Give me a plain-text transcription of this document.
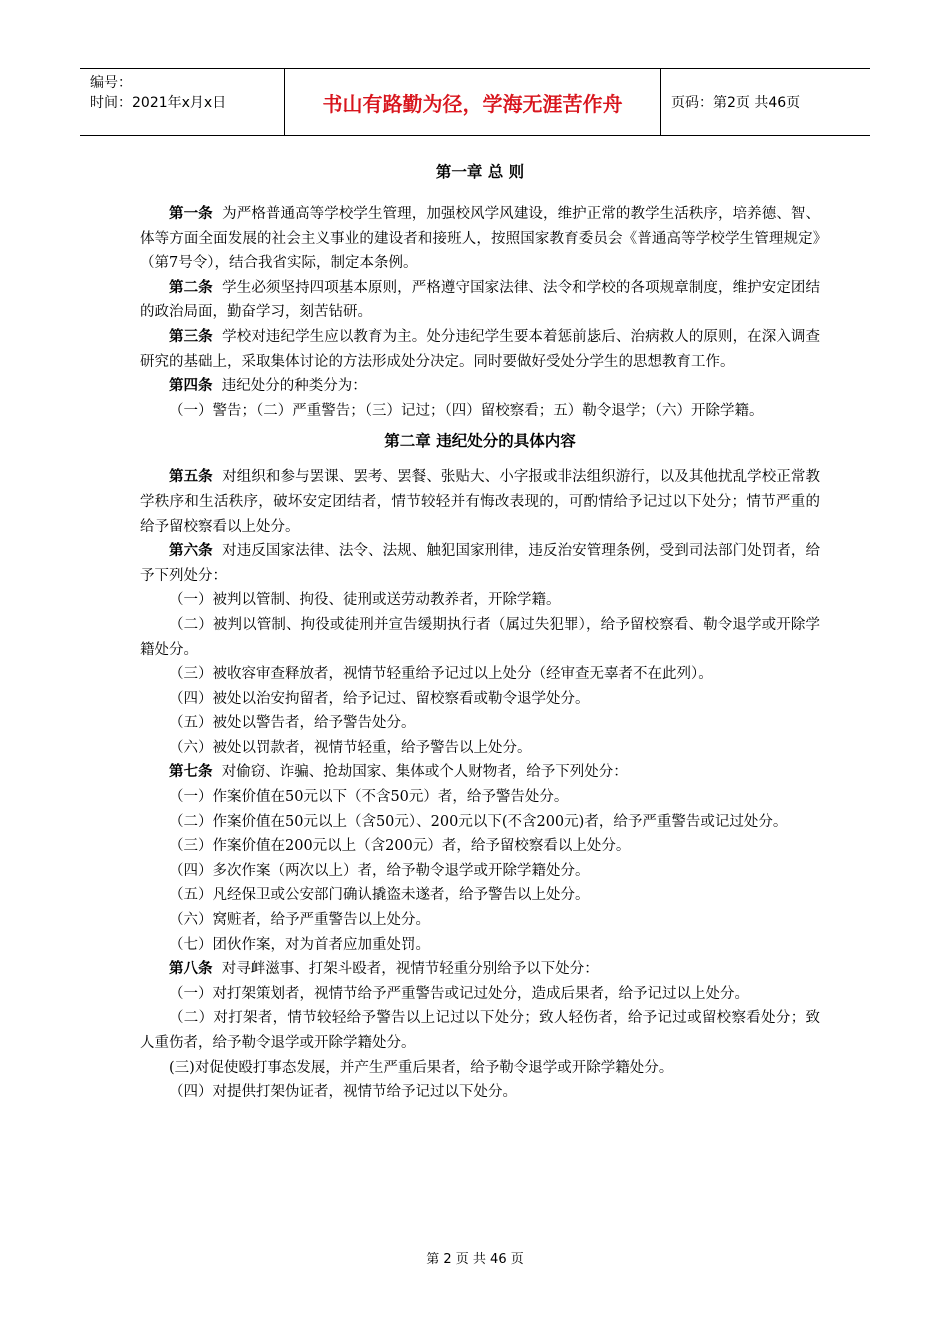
编号：
时间：2021年x月x日	书山有路勤为径，学海无涯苦作舟	页码：第2页 共46页
第一章 总 则

第一条 为严格普通高等学校学生管理，加强校风学风建设，维护正常的教学生活秩序，培养德、智、体等方面全面发展的社会主义事业的建设者和接班人，按照国家教育委员会《普通高等学校学生管理规定》（第7号令），结合我省实际，制定本条例。

第二条 学生必须坚持四项基本原则，严格遵守国家法律、法令和学校的各项规章制度，维护安定团结的政治局面，勤奋学习，刻苦钻研。

第三条 学校对违纪学生应以教育为主。处分违纪学生要本着惩前毖后、治病救人的原则，在深入调查研究的基础上，采取集体讨论的方法形成处分决定。同时要做好受处分学生的思想教育工作。

第四条 违纪处分的种类分为：

（一）警告；（二）严重警告；（三）记过；（四）留校察看；五）勒令退学；（六）开除学籍。

第二章 违纪处分的具体内容

第五条 对组织和参与罢课、罢考、罢餐、张贴大、小字报或非法组织游行，以及其他扰乱学校正常教学秩序和生活秩序，破坏安定团结者，情节较轻并有悔改表现的，可酌情给予记过以下处分；情节严重的给予留校察看以上处分。

第六条 对违反国家法律、法令、法规、触犯国家刑律，违反治安管理条例，受到司法部门处罚者，给予下列处分：

（一）被判以管制、拘役、徒刑或送劳动教养者，开除学籍。

（二）被判以管制、拘役或徒刑并宣告缓期执行者（属过失犯罪），给予留校察看、勒令退学或开除学籍处分。

（三）被收容审查释放者，视情节轻重给予记过以上处分（经审查无辜者不在此列）。

（四）被处以治安拘留者，给予记过、留校察看或勒令退学处分。

（五）被处以警告者，给予警告处分。

（六）被处以罚款者，视情节轻重，给予警告以上处分。

第七条 对偷窃、诈骗、抢劫国家、集体或个人财物者，给予下列处分：

（一）作案价值在50元以下（不含50元）者，给予警告处分。

（二）作案价值在50元以上（含50元）、200元以下(不含200元)者，给予严重警告或记过处分。

（三）作案价值在200元以上（含200元）者，给予留校察看以上处分。

（四）多次作案（两次以上）者，给予勒令退学或开除学籍处分。

（五）凡经保卫或公安部门确认撬盗未遂者，给予警告以上处分。

（六）窝赃者，给予严重警告以上处分。

（七）团伙作案，对为首者应加重处罚。

第八条 对寻衅滋事、打架斗殴者，视情节轻重分别给予以下处分：

（一）对打架策划者，视情节给予严重警告或记过处分，造成后果者，给予记过以上处分。

（二）对打架者，情节较轻给予警告以上记过以下处分；致人轻伤者，给予记过或留校察看处分；致人重伤者，给予勒令退学或开除学籍处分。

(三)对促使殴打事态发展，并产生严重后果者，给予勒令退学或开除学籍处分。

（四）对提供打架伪证者，视情节给予记过以下处分。

第 2 页 共 46 页
